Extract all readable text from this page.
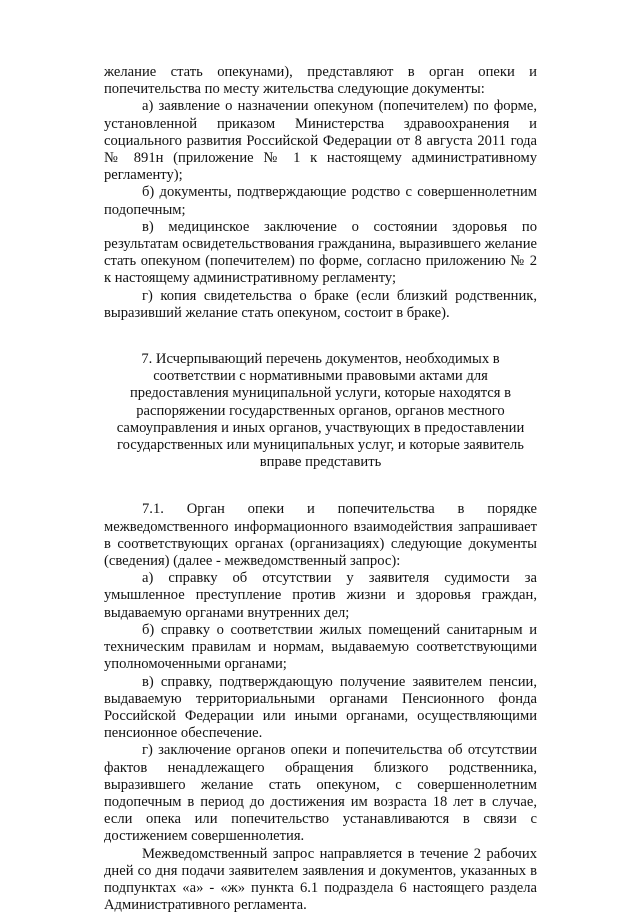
желание стать опекунами), представляют в орган опеки и попечительства по месту жительства следующие документы:

а) заявление о назначении опекуном (попечителем) по форме, установленной приказом Министерства здравоохранения и социального развития Российской Федерации от 8 августа 2011 года № 891н (приложение № 1 к настоящему административному регламенту);

б) документы, подтверждающие родство с совершеннолетним подопечным;

в) медицинское заключение о состоянии здоровья по результатам освидетельствования гражданина, выразившего желание стать опекуном (попечителем) по форме, согласно приложению № 2 к настоящему административному регламенту;

г) копия свидетельства о браке (если близкий родственник, выразивший желание стать опекуном, состоит в браке).

7. Исчерпывающий перечень документов, необходимых в соответствии с нормативными правовыми актами для предоставления муниципальной услуги, которые находятся в распоряжении государственных органов, органов местного самоуправления и иных органов, участвующих в предоставлении государственных или муниципальных услуг, и которые заявитель вправе представить

7.1. Орган опеки и попечительства в порядке межведомственного информационного взаимодействия запрашивает в соответствующих органах (организациях) следующие документы (сведения) (далее - межведомственный запрос):

а) справку об отсутствии у заявителя судимости за умышленное преступление против жизни и здоровья граждан, выдаваемую органами внутренних дел;

б) справку о соответствии жилых помещений санитарным и техническим правилам и нормам, выдаваемую соответствующими уполномоченными органами;

в) справку, подтверждающую получение заявителем пенсии, выдаваемую территориальными органами Пенсионного фонда Российской Федерации или иными органами, осуществляющими пенсионное обеспечение.

г) заключение органов опеки и попечительства об отсутствии фактов ненадлежащего обращения близкого родственника, выразившего желание стать опекуном, с совершеннолетним подопечным в период до достижения им возраста 18 лет в случае, если опека или попечительство устанавливаются в связи с достижением совершеннолетия.

Межведомственный запрос направляется в течение 2 рабочих дней со дня подачи заявителем заявления и документов, указанных в подпунктах «а» - «ж» пункта 6.1 подраздела 6 настоящего раздела Административного регламента.
